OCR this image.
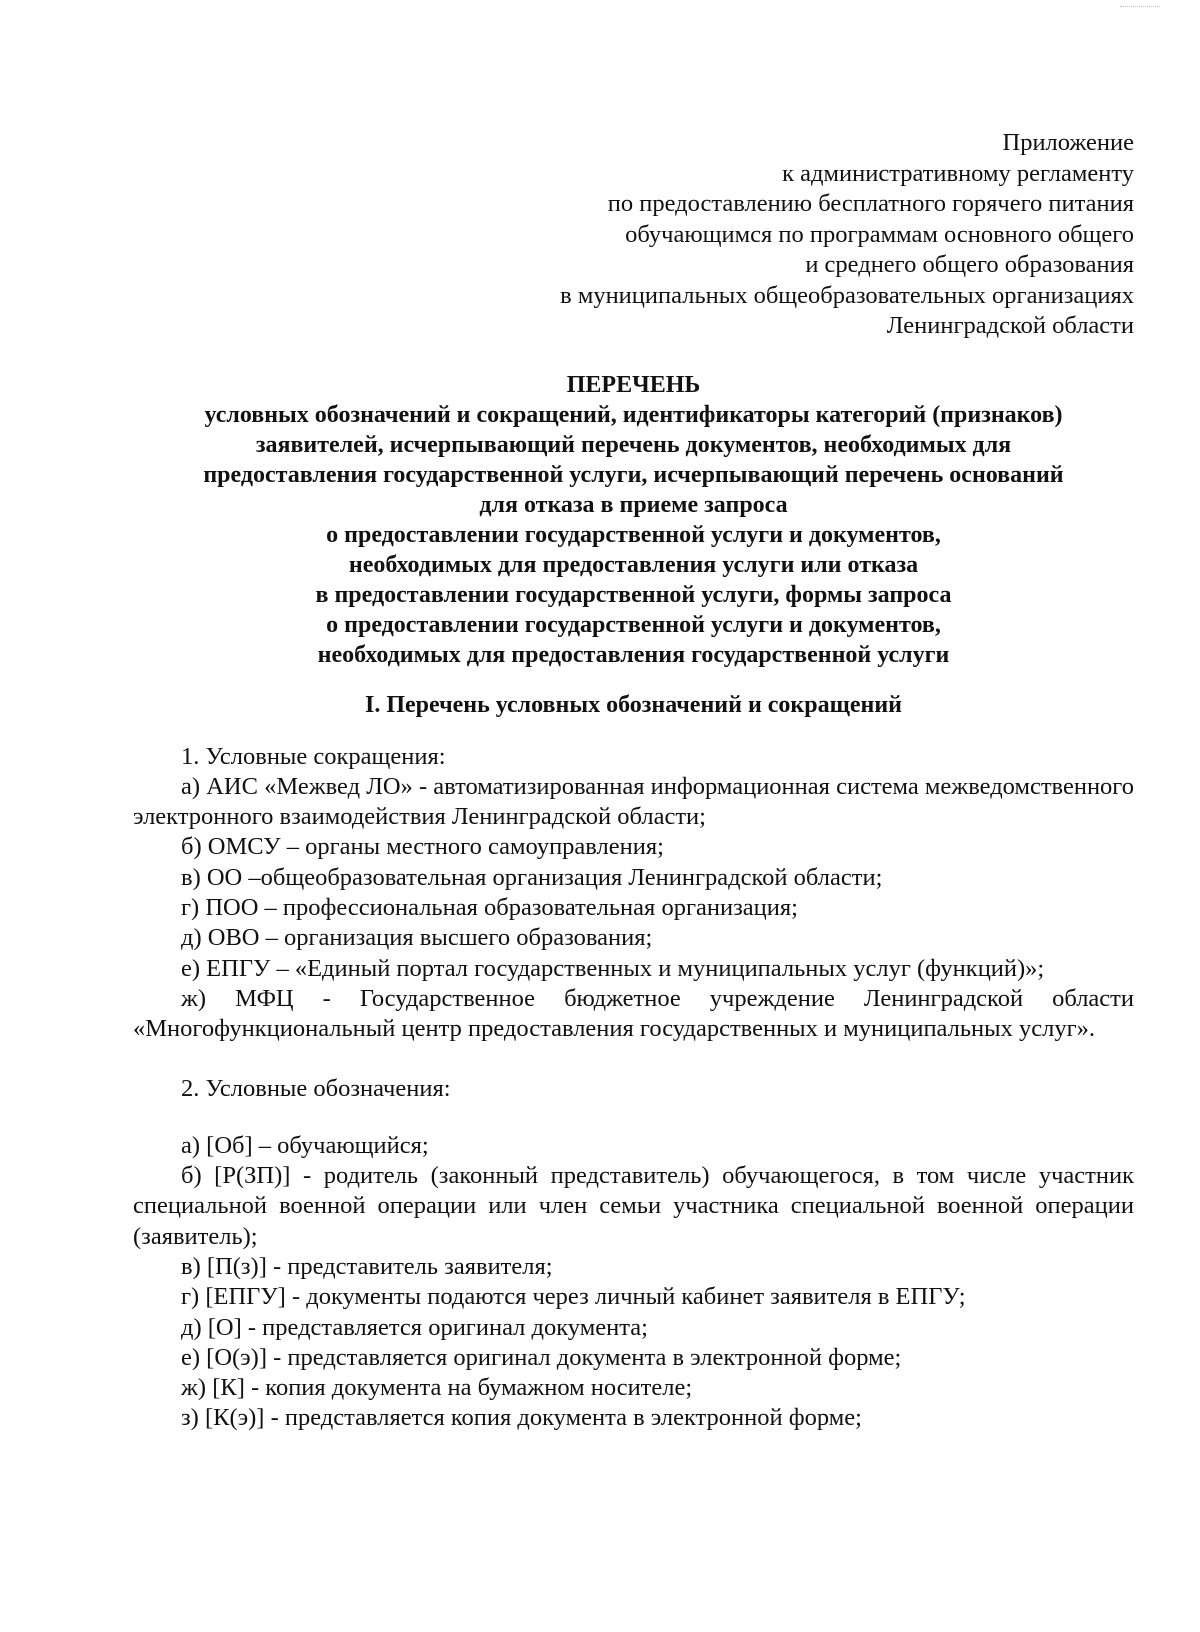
Приложение
к административному регламенту
по предоставлению бесплатного горячего питания
обучающимся по программам основного общего
и среднего общего образования
в муниципальных общеобразовательных организациях
Ленинградской области
ПЕРЕЧЕНЬ
условных обозначений и сокращений, идентификаторы категорий (признаков)
заявителей, исчерпывающий перечень документов, необходимых для
предоставления государственной услуги, исчерпывающий перечень оснований
для отказа в приеме запроса
о предоставлении государственной услуги и документов,
необходимых для предоставления услуги или отказа
в предоставлении государственной услуги, формы запроса
о предоставлении государственной услуги и документов,
необходимых для предоставления государственной услуги
I. Перечень условных обозначений и сокращений

1. Условные сокращения:

а) АИС «Межвед ЛО» - автоматизированная информационная система межведомственного электронного взаимодействия Ленинградской области;

б) ОМСУ – органы местного самоуправления;

в) ОО –общеобразовательная организация Ленинградской области;

г) ПОО – профессиональная образовательная организация;

д) ОВО – организация высшего образования;

е) ЕПГУ – «Единый портал государственных и муниципальных услуг (функций)»;

ж) МФЦ - Государственное бюджетное учреждение Ленинградской области «Многофункциональный центр предоставления государственных и муниципальных услуг».

2. Условные обозначения:

а) [Об] – обучающийся;

б) [Р(ЗП)] - родитель (законный представитель) обучающегося, в том числе участник специальной военной операции или член семьи участника специальной военной операции (заявитель);

в) [П(з)] - представитель заявителя;

г) [ЕПГУ] - документы подаются через личный кабинет заявителя в ЕПГУ;

д) [О] - представляется оригинал документа;

е) [О(э)] - представляется оригинал документа в электронной форме;

ж) [К] - копия документа на бумажном носителе;

з) [К(э)] - представляется копия документа в электронной форме;
